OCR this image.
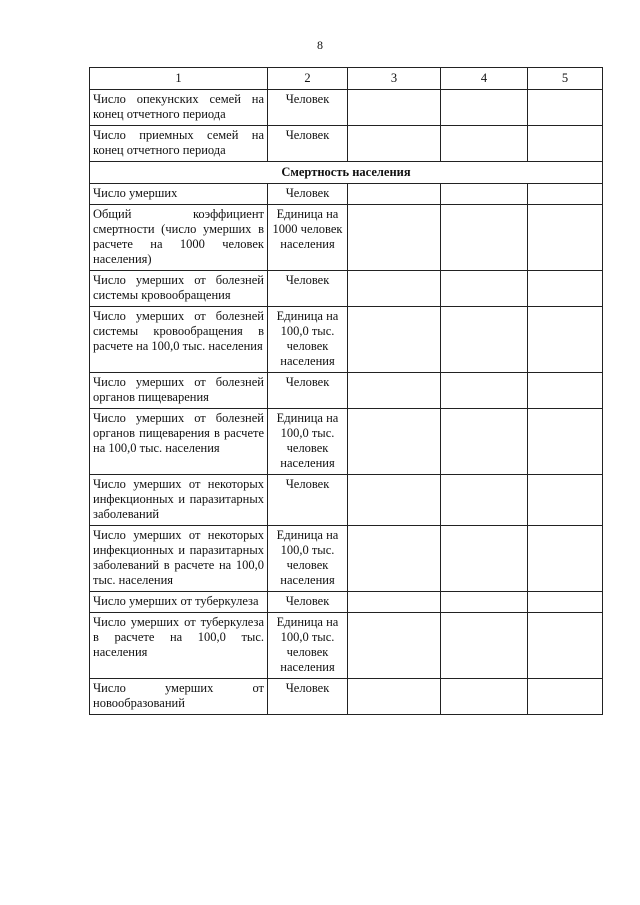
8
1	2	3	4	5
Число опекунских семей на конец отчетного периода	Человек			
Число приемных семей на конец отчетного периода	Человек			
Смертность населения				
Число умерших	Человек			
Общий коэффициент смертности (число умерших в расчете на 1000 человек населения)	Единица на 1000 человек населения			
Число умерших от болезней системы кровообращения	Человек			
Число умерших от болезней системы кровообращения в расчете на 100,0 тыс. населения	Единица на 100,0 тыс. человек населения			
Число умерших от болезней органов пищеварения	Человек			
Число умерших от болезней органов пищеварения в расчете на 100,0 тыс. населения	Единица на 100,0 тыс. человек населения			
Число умерших от некоторых инфекционных и паразитарных заболеваний	Человек			
Число умерших от некоторых инфекционных и паразитарных заболеваний в расчете на 100,0 тыс. населения	Единица на 100,0 тыс. человек населения			
Число умерших от туберкулеза	Человек			
Число умерших от туберкулеза в расчете на 100,0 тыс. населения	Единица на 100,0 тыс. человек населения			
Число умерших от новообразований	Человек			
